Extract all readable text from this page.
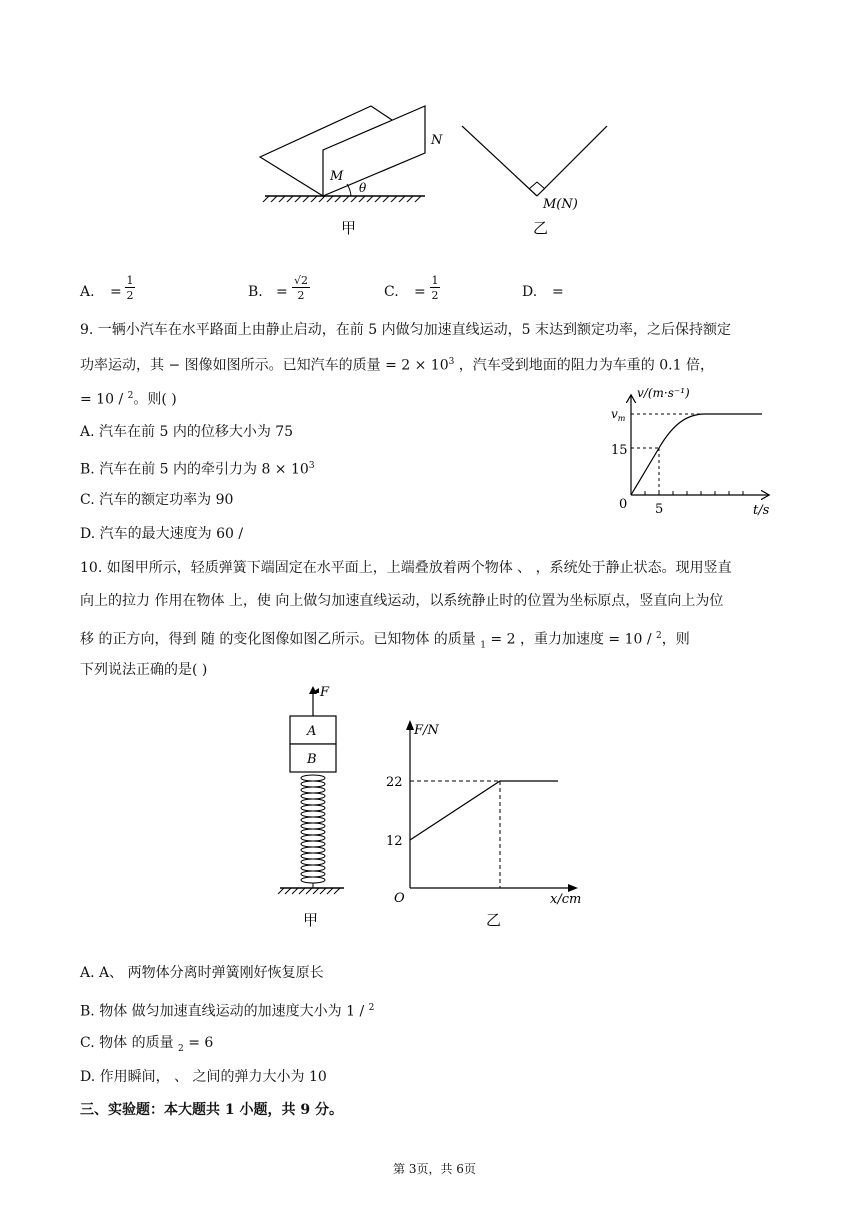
M
θ
N
M(N)
甲	乙
A. =
1
2	B. =
√2
2	C. =
1
2	D. =
9. 一辆小汽车在水平路面上由静止启动，在前 5 内做匀加速直线运动，5 末达到额定功率，之后保持额定
功率运动，其 − 图像如图所示。已知汽车的质量 = $2 \times 10^3$ ，汽车受到地面的阻力为车重的 0.1 倍，
= 10 / $^2$。则( )
A. 汽车在前 5 内的位移大小为 75
B. 汽车在前 5 内的牵引力为 $8 \times 10^3$
C. 汽车的额定功率为 90
D. 汽车的最大速度为 60 /
v/(m·s⁻¹)
$v_m$
15
5
0	t/s
10. 如图甲所示，轻质弹簧下端固定在水平面上，上端叠放着两个物体 、 ，系统处于静止状态。现用竖直
向上的拉力 作用在物体 上，使 向上做匀加速直线运动，以系统静止时的位置为坐标原点，竖直向上为位
移 的正方向，得到 随 的变化图像如图乙所示。已知物体 的质量 $_1$ = 2 ，重力加速度 = 10 / $^2$，则
下列说法正确的是( )
F
A
B
甲
F/N
22
12
O	x/cm
乙
A. A、 两物体分离时弹簧刚好恢复原长
B. 物体 做匀加速直线运动的加速度大小为 1 / $^2$
C. 物体 的质量 $_2$ = 6
D. 作用瞬间， 、 之间的弹力大小为 10
三、实验题：本大题共 1 小题，共 9 分。
第 3页，共 6页
